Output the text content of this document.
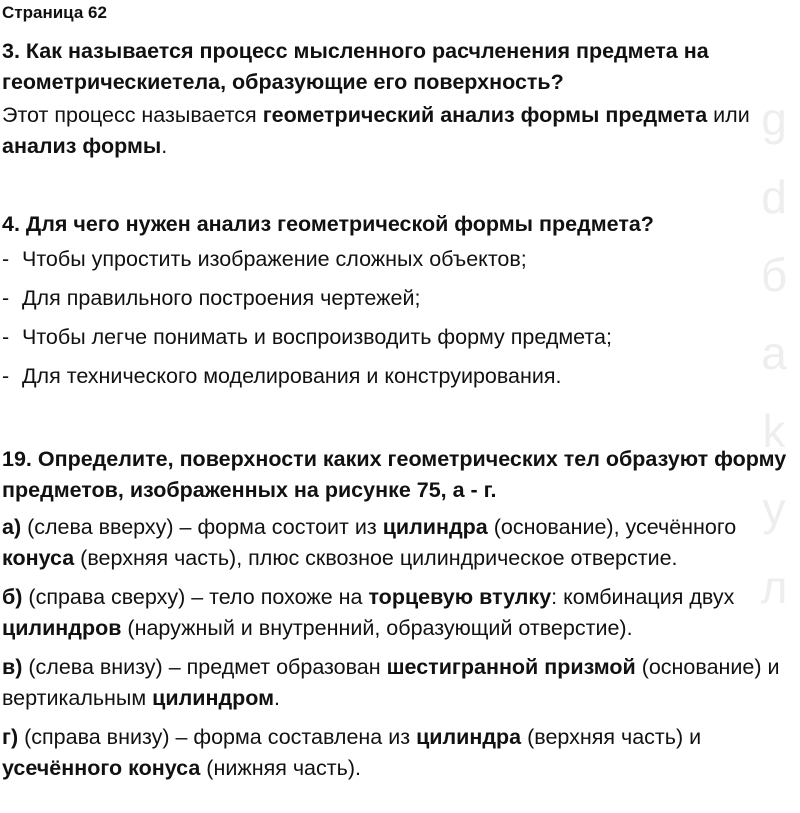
g
d
б
а
k
у
л
Страница 62

3. Как называется процесс мысленного расчленения предмета на геометрическиетела, образующие его поверхность?

Этот процесс называется геометрический анализ формы предмета или анализ формы.

4. Для чего нужен анализ геометрической формы предмета?

- Чтобы упростить изображение сложных объектов;
- Для правильного построения чертежей;
- Чтобы легче понимать и воспроизводить форму предмета;
- Для технического моделирования и конструирования.

19. Определите, поверхности каких геометрических тел образуют форму предметов, изображенных на рисунке 75, а - г.

а) (слева вверху) – форма состоит из цилиндра (основание), усечённого конуса (верхняя часть), плюс сквозное цилиндрическое отверстие.

б) (справа сверху) – тело похоже на торцевую втулку: комбинация двух цилиндров (наружный и внутренний, образующий отверстие).

в) (слева внизу) – предмет образован шестигранной призмой (основание) и вертикальным цилиндром.

г) (справа внизу) – форма составлена из цилиндра (верхняя часть) и усечённого конуса (нижняя часть).
